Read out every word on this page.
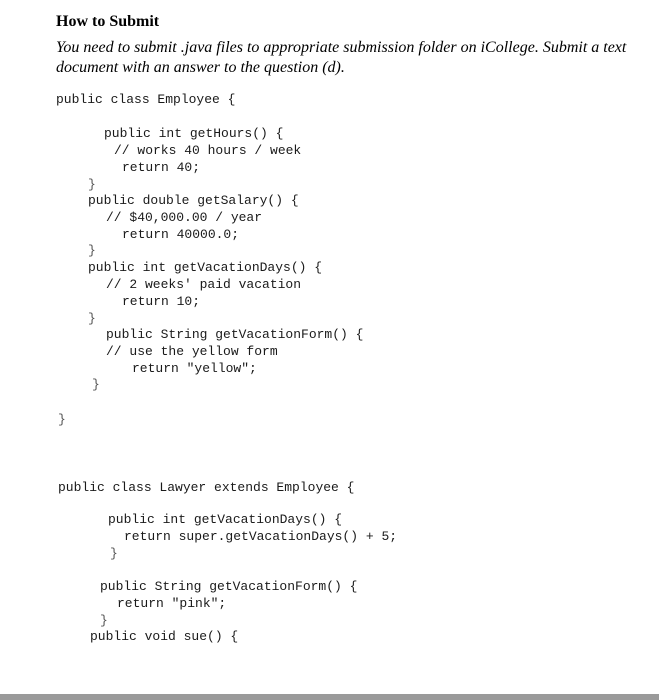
How to Submit
You need to submit .java files to appropriate submission folder on iCollege. Submit a text
document with an answer to the question (d).
public class Employee {
public int getHours() {
// works 40 hours / week
return 40;
}
public double getSalary() {
// $40,000.00 / year
return 40000.0;
}
public int getVacationDays() {
// 2 weeks' paid vacation
return 10;
}
public String getVacationForm() {
// use the yellow form
return "yellow";
}
}
public class Lawyer extends Employee {
public int getVacationDays() {
return super.getVacationDays() + 5;
}
public String getVacationForm() {
return "pink";
}
public void sue() {
